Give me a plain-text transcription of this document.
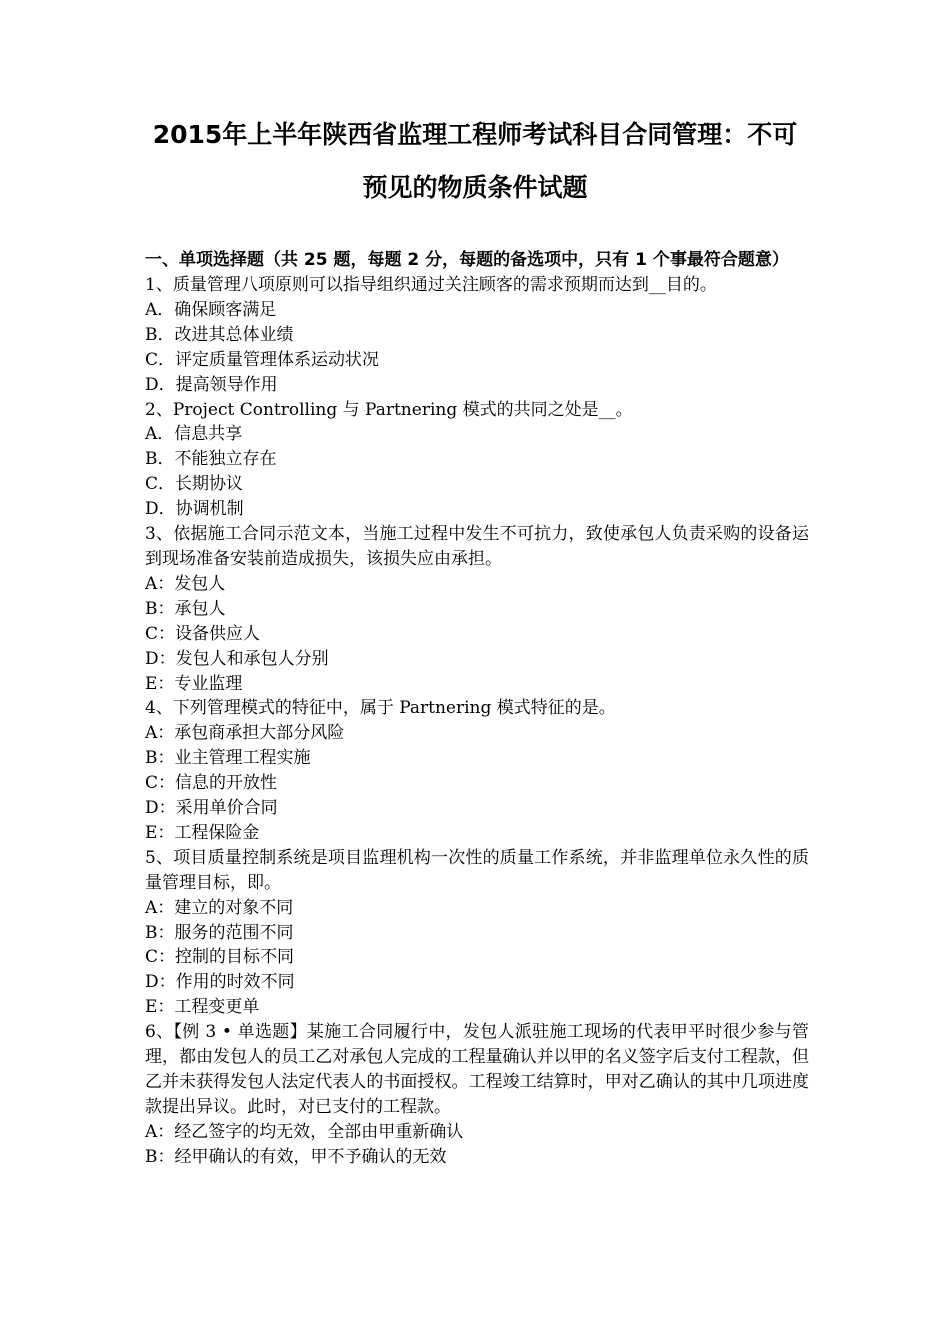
2015年上半年陕西省监理工程师考试科目合同管理：不可
预见的物质条件试题
一、单项选择题（共 25 题，每题 2 分，每题的备选项中，只有 1 个事最符合题意）
1、质量管理八项原则可以指导组织通过关注顾客的需求预期而达到__目的。
A．确保顾客满足
B．改进其总体业绩
C．评定质量管理体系运动状况
D．提高领导作用
2、Project Controlling 与 Partnering 模式的共同之处是__。
A．信息共享
B．不能独立存在
C．长期协议
D．协调机制
3、依据施工合同示范文本，当施工过程中发生不可抗力，致使承包人负责采购的设备运到现场准备安装前造成损失，该损失应由承担。
A：发包人
B：承包人
C：设备供应人
D：发包人和承包人分别
E：专业监理
4、下列管理模式的特征中，属于 Partnering 模式特征的是。
A：承包商承担大部分风险
B：业主管理工程实施
C：信息的开放性
D：采用单价合同
E：工程保险金
5、项目质量控制系统是项目监理机构一次性的质量工作系统，并非监理单位永久性的质量管理目标，即。
A：建立的对象不同
B：服务的范围不同
C：控制的目标不同
D：作用的时效不同
E：工程变更单
6、【例 3 • 单选题】某施工合同履行中，发包人派驻施工现场的代表甲平时很少参与管理，都由发包人的员工乙对承包人完成的工程量确认并以甲的名义签字后支付工程款，但乙并未获得发包人法定代表人的书面授权。工程竣工结算时，甲对乙确认的其中几项进度款提出异议。此时，对已支付的工程款。
A：经乙签字的均无效，全部由甲重新确认
B：经甲确认的有效，甲不予确认的无效
